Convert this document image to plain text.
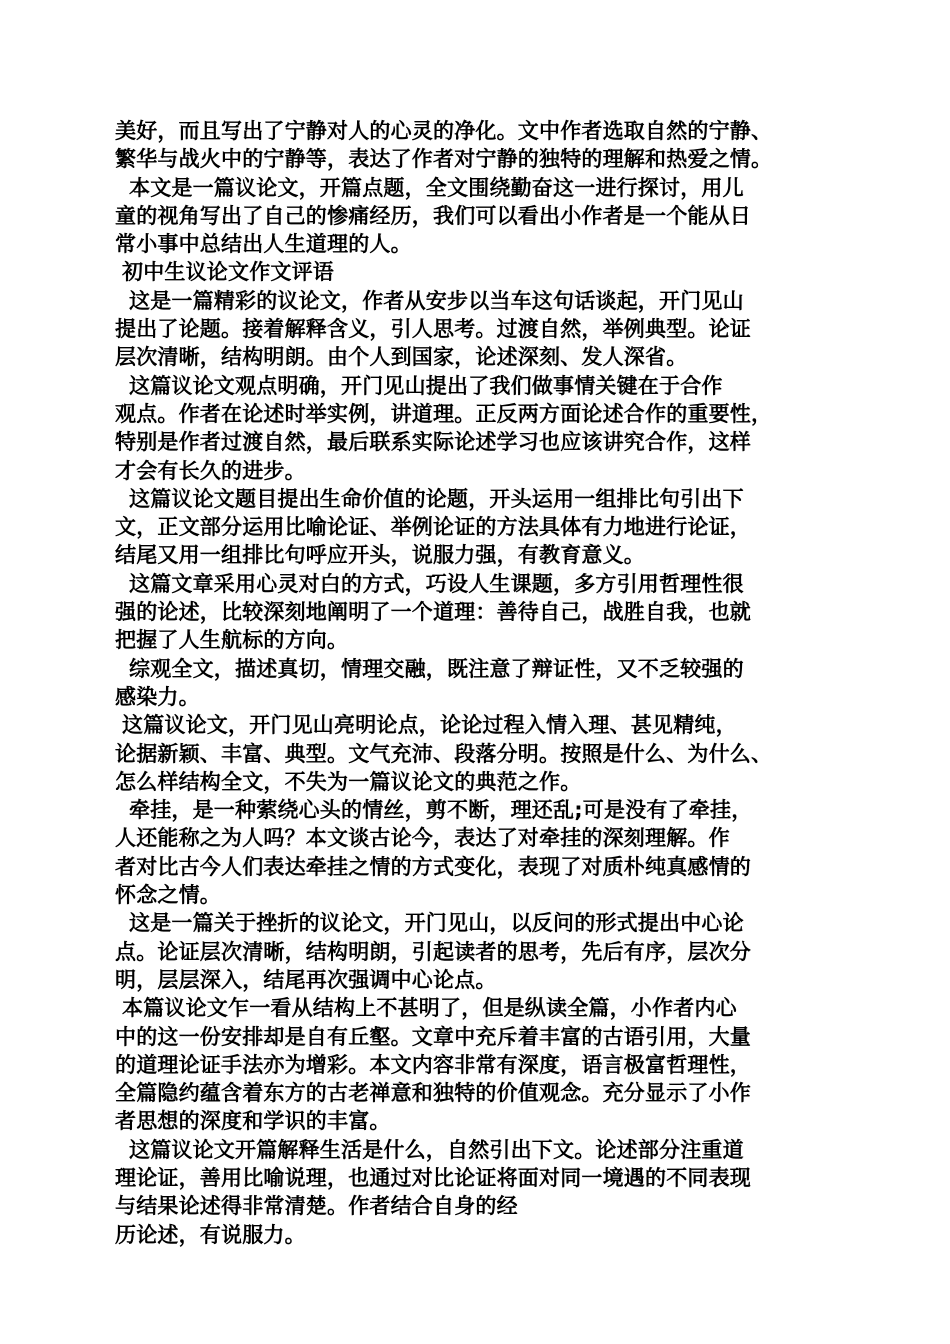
美好，而且写出了宁静对人的心灵的净化。文中作者选取自然的宁静、
繁华与战火中的宁静等，表达了作者对宁静的独特的理解和热爱之情。
本文是一篇议论文，开篇点题，全文围绕勤奋这一进行探讨，用儿
童的视角写出了自己的惨痛经历，我们可以看出小作者是一个能从日
常小事中总结出人生道理的人。
初中生议论文作文评语
这是一篇精彩的议论文，作者从安步以当车这句话谈起，开门见山
提出了论题。接着解释含义，引人思考。过渡自然，举例典型。论证
层次清晰，结构明朗。由个人到国家，论述深刻、发人深省。
这篇议论文观点明确，开门见山提出了我们做事情关键在于合作
观点。作者在论述时举实例，讲道理。正反两方面论述合作的重要性，
特别是作者过渡自然，最后联系实际论述学习也应该讲究合作，这样
才会有长久的进步。
这篇议论文题目提出生命价值的论题，开头运用一组排比句引出下
文，正文部分运用比喻论证、举例论证的方法具体有力地进行论证，
结尾又用一组排比句呼应开头，说服力强，有教育意义。
这篇文章采用心灵对白的方式，巧设人生课题，多方引用哲理性很
强的论述，比较深刻地阐明了一个道理：善待自己，战胜自我，也就
把握了人生航标的方向。
综观全文，描述真切，情理交融，既注意了辩证性，又不乏较强的
感染力。
这篇议论文，开门见山亮明论点，论论过程入情入理、甚见精纯，
论据新颖、丰富、典型。文气充沛、段落分明。按照是什么、为什么、
怎么样结构全文，不失为一篇议论文的典范之作。
牵挂，是一种萦绕心头的情丝，剪不断，理还乱;可是没有了牵挂，
人还能称之为人吗？本文谈古论今，表达了对牵挂的深刻理解。作
者对比古今人们表达牵挂之情的方式变化，表现了对质朴纯真感情的
怀念之情。
这是一篇关于挫折的议论文，开门见山，以反问的形式提出中心论
点。论证层次清晰，结构明朗，引起读者的思考，先后有序，层次分
明，层层深入，结尾再次强调中心论点。
本篇议论文乍一看从结构上不甚明了，但是纵读全篇，小作者内心
中的这一份安排却是自有丘壑。文章中充斥着丰富的古语引用，大量
的道理论证手法亦为增彩。本文内容非常有深度，语言极富哲理性，
全篇隐约蕴含着东方的古老禅意和独特的价值观念。充分显示了小作
者思想的深度和学识的丰富。
这篇议论文开篇解释生活是什么，自然引出下文。论述部分注重道
理论证，善用比喻说理，也通过对比论证将面对同一境遇的不同表现
与结果论述得非常清楚。作者结合自身的经
历论述，有说服力。
